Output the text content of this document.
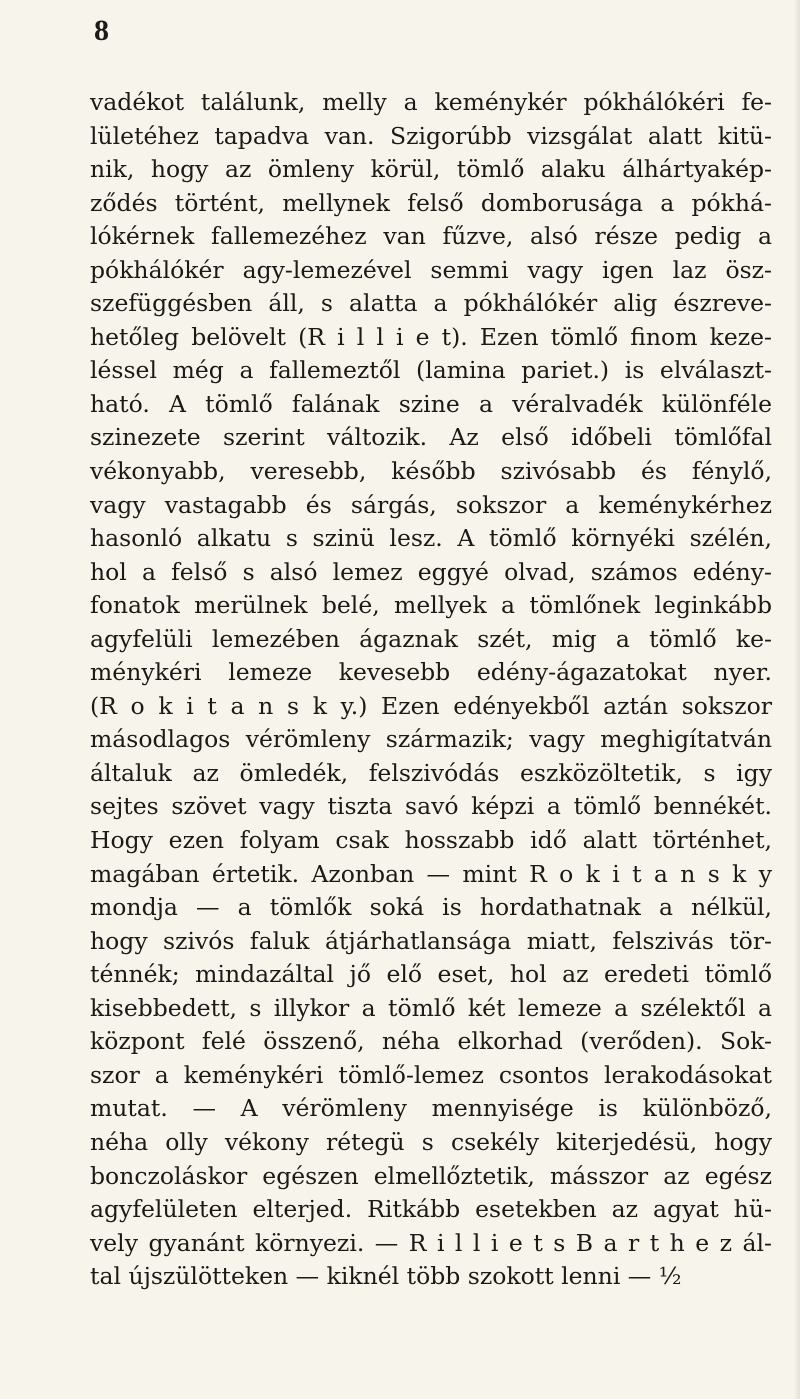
8
vadékot találunk, melly a keménykér pókhálókéri fe-
lületéhez tapadva van. Szigorúbb vizsgálat alatt kitü-
nik, hogy az ömleny körül, tömlő alaku álhártyakép-
ződés történt, mellynek felső domborusága a pókhá-
lókérnek fallemezéhez van fűzve, alsó része pedig a
pókhálókér agy-lemezével semmi vagy igen laz ösz-
szefüggésben áll, s alatta a pókhálókér alig észreve-
hetőleg belövelt (R i l l i e t). Ezen tömlő finom keze-
léssel még a fallemeztől (lamina pariet.) is elválaszt-
ható. A tömlő falának szine a véralvadék különféle
szinezete szerint változik. Az első időbeli tömlőfal
vékonyabb, veresebb, később szivósabb és fénylő,
vagy vastagabb és sárgás, sokszor a keménykérhez
hasonló alkatu s szinü lesz. A tömlő környéki szélén,
hol a felső s alsó lemez eggyé olvad, számos edény-
fonatok merülnek belé, mellyek a tömlőnek leginkább
agyfelüli lemezében ágaznak szét, mig a tömlő ke-
ménykéri lemeze kevesebb edény-ágazatokat nyer.
(R o k i t a n s k y.) Ezen edényekből aztán sokszor
másodlagos vérömleny származik; vagy meghigítatván
általuk az ömledék, felszivódás eszközöltetik, s igy
sejtes szövet vagy tiszta savó képzi a tömlő bennékét.
Hogy ezen folyam csak hosszabb idő alatt történhet,
magában értetik. Azonban — mint R o k i t a n s k y
mondja — a tömlők soká is hordathatnak a nélkül,
hogy szivós faluk átjárhatlansága miatt, felszivás tör-
ténnék; mindazáltal jő elő eset, hol az eredeti tömlő
kisebbedett, s illykor a tömlő két lemeze a szélektől a
központ felé összenő, néha elkorhad (verőden). Sok-
szor a keménykéri tömlő-lemez csontos lerakodásokat
mutat. — A vérömleny mennyisége is különböző,
néha olly vékony rétegü s csekély kiterjedésü, hogy
bonczoláskor egészen elmellőztetik, másszor az egész
agyfelületen elterjed. Ritkább esetekben az agyat hü-
vely gyanánt környezi. — R i l l i e t s B a r t h e z ál-
tal újszülötteken — kiknél több szokott lenni — ½
